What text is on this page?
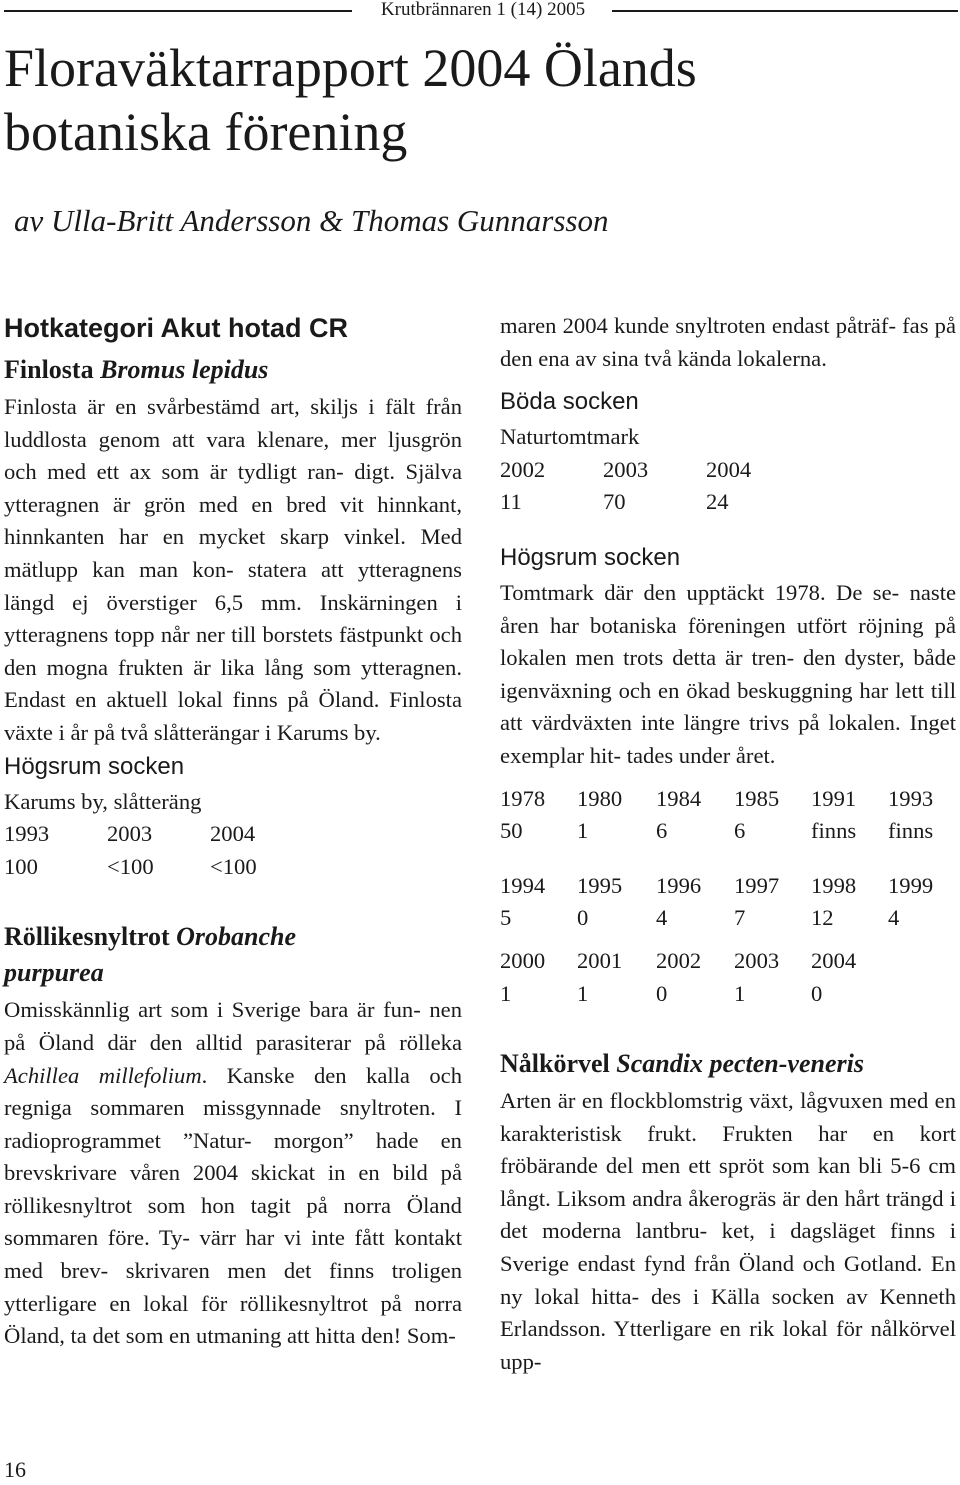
Krutbrännaren 1 (14) 2005
Floraväktarrapport 2004 Ölands
botaniska förening
av Ulla-Britt Andersson & Thomas Gunnarsson
Hotkategori Akut hotad CR
Finlosta Bromus lepidus

Finlosta är en svårbestämd art, skiljs i fält från luddlosta genom att vara klenare, mer ljusgrön och med ett ax som är tydligt ran- digt. Själva ytteragnen är grön med en bred vit hinnkant, hinnkanten har en mycket skarp vinkel. Med mätlupp kan man kon- statera att ytteragnens längd ej överstiger 6,5 mm. Inskärningen i ytteragnens topp når ner till borstets fästpunkt och den mogna frukten är lika lång som ytteragnen. Endast en aktuell lokal finns på Öland. Finlosta växte i år på två slåtterängar i Karums by.

Högsrum socken
Karums by, slåtteräng
1993	2003	2004
100	<100	<100
Röllikesnyltrot Orobanche
purpurea

Omisskännlig art som i Sverige bara är fun- nen på Öland där den alltid parasiterar på rölleka Achillea millefolium. Kanske den kalla och regniga sommaren missgynnade snyltroten. I radioprogrammet ”Natur- morgon” hade en brevskrivare våren 2004 skickat in en bild på röllikesnyltrot som hon tagit på norra Öland sommaren före. Ty- värr har vi inte fått kontakt med brev- skrivaren men det finns troligen ytterligare en lokal för röllikesnyltrot på norra Öland, ta det som en utmaning att hitta den! Som-

16

maren 2004 kunde snyltroten endast påträf- fas på den ena av sina två kända lokalerna.

Böda socken
Naturtomtmark
2002	2003	2004
11	70	24
Högsrum socken

Tomtmark där den upptäckt 1978. De se- naste åren har botaniska föreningen utfört röjning på lokalen men trots detta är tren- den dyster, både igenväxning och en ökad beskuggning har lett till att värdväxten inte längre trivs på lokalen. Inget exemplar hit- tades under året.

1978	1980	1984	1985	1991	1993
50	1	6	6	finns	finns
1994	1995	1996	1997	1998	1999
5	0	4	7	12	4
2000	2001	2002	2003	2004
1	1	0	1	0
Nålkörvel Scandix pecten-veneris

Arten är en flockblomstrig växt, lågvuxen med en karakteristisk frukt. Frukten har en kort fröbärande del men ett spröt som kan bli 5-6 cm långt. Liksom andra åkerogräs är den hårt trängd i det moderna lantbru- ket, i dagsläget finns i Sverige endast fynd från Öland och Gotland. En ny lokal hitta- des i Källa socken av Kenneth Erlandsson. Ytterligare en rik lokal för nålkörvel upp-
